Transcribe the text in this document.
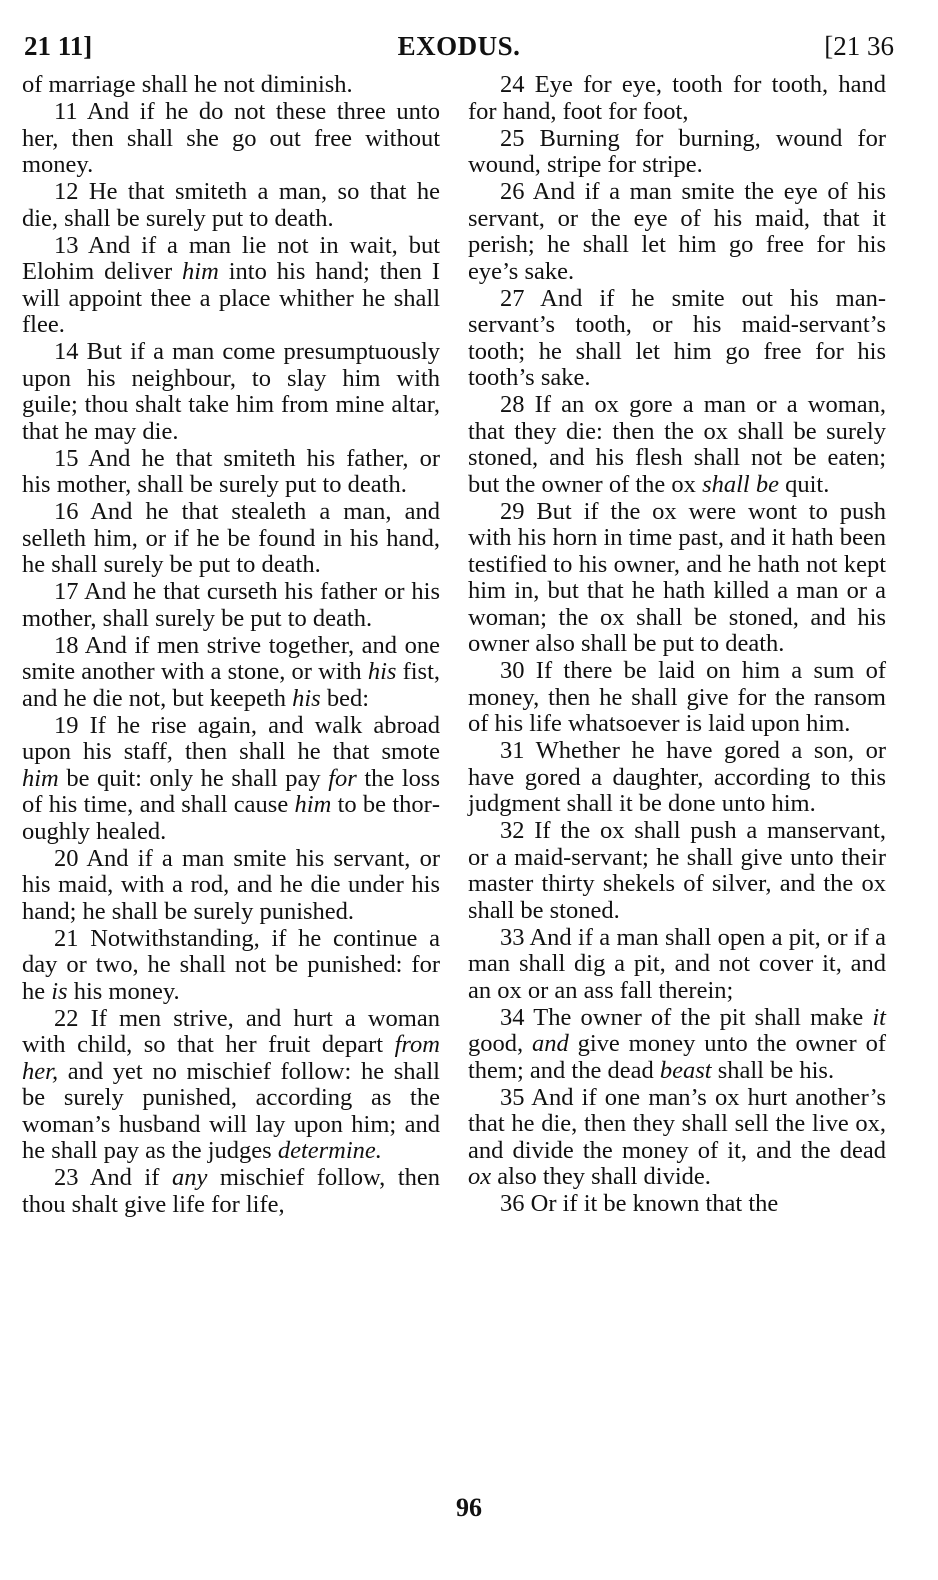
21 11]	EXODUS.	[21 36

of marriage shall he not diminish.

11 And if he do not these three unto her, then shall she go out free without money.

12 He that smiteth a man, so that he die, shall be surely put to death.

13 And if a man lie not in wait, but Elohim deliver him into his hand; then I will appoint thee a place whither he shall flee.

14 But if a man come presumptuously upon his neighbour, to slay him with guile; thou shalt take him from mine altar, that he may die.

15 And he that smiteth his father, or his mother, shall be surely put to death.

16 And he that stealeth a man, and selleth him, or if he be found in his hand, he shall surely be put to death.

17 And he that curseth his father or his mother, shall surely be put to death.

18 And if men strive together, and one smite another with a stone, or with his fist, and he die not, but keepeth his bed:

19 If he rise again, and walk abroad upon his staff, then shall he that smote him be quit: only he shall pay for the loss of his time, and shall cause him to be thoroughly healed.

20 And if a man smite his servant, or his maid, with a rod, and he die under his hand; he shall be surely punished.

21 Notwithstanding, if he continue a day or two, he shall not be punished: for he is his money.

22 If men strive, and hurt a woman with child, so that her fruit depart from her, and yet no mischief follow: he shall be surely punished, according as the woman’s husband will lay upon him; and he shall pay as the judges determine.

23 And if any mischief follow, then thou shalt give life for life,

24 Eye for eye, tooth for tooth, hand for hand, foot for foot,

25 Burning for burning, wound for wound, stripe for stripe.

26 And if a man smite the eye of his servant, or the eye of his maid, that it perish; he shall let him go free for his eye’s sake.

27 And if he smite out his manservant’s tooth, or his maid-servant’s tooth; he shall let him go free for his tooth’s sake.

28 If an ox gore a man or a woman, that they die: then the ox shall be surely stoned, and his flesh shall not be eaten; but the owner of the ox shall be quit.

29 But if the ox were wont to push with his horn in time past, and it hath been testified to his owner, and he hath not kept him in, but that he hath killed a man or a woman; the ox shall be stoned, and his owner also shall be put to death.

30 If there be laid on him a sum of money, then he shall give for the ransom of his life whatsoever is laid upon him.

31 Whether he have gored a son, or have gored a daughter, according to this judgment shall it be done unto him.

32 If the ox shall push a manservant, or a maid-servant; he shall give unto their master thirty shekels of silver, and the ox shall be stoned.

33 And if a man shall open a pit, or if a man shall dig a pit, and not cover it, and an ox or an ass fall therein;

34 The owner of the pit shall make it good, and give money unto the owner of them; and the dead beast shall be his.

35 And if one man’s ox hurt another’s that he die, then they shall sell the live ox, and divide the money of it, and the dead ox also they shall divide.

36 Or if it be known that the

96
